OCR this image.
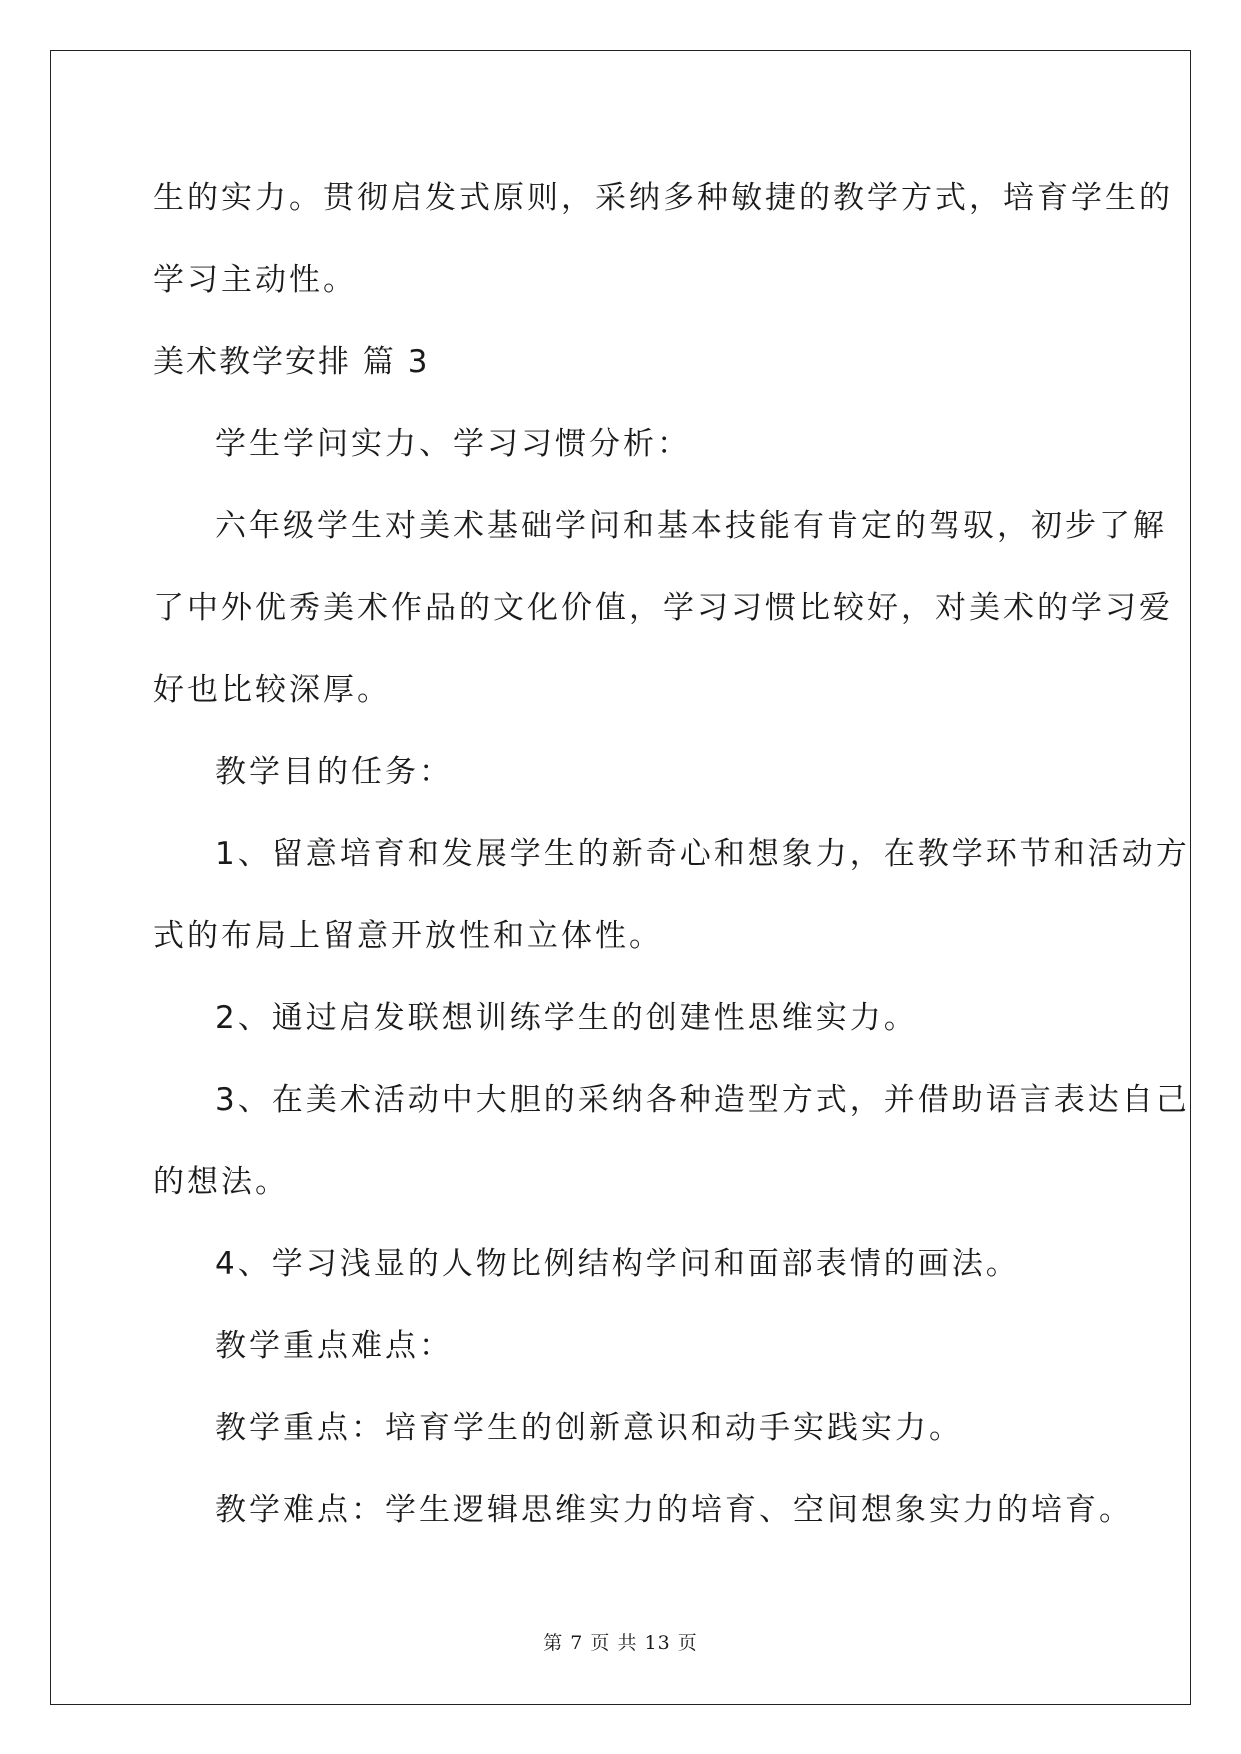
生的实力。贯彻启发式原则，采纳多种敏捷的教学方式，培育学生的
学习主动性。
美术教学安排 篇 3
学生学问实力、学习习惯分析：
六年级学生对美术基础学问和基本技能有肯定的驾驭，初步了解
了中外优秀美术作品的文化价值，学习习惯比较好，对美术的学习爱
好也比较深厚。
教学目的任务：
1、留意培育和发展学生的新奇心和想象力，在教学环节和活动方
式的布局上留意开放性和立体性。
2、通过启发联想训练学生的创建性思维实力。
3、在美术活动中大胆的采纳各种造型方式，并借助语言表达自己
的想法。
4、学习浅显的人物比例结构学问和面部表情的画法。
教学重点难点：
教学重点：培育学生的创新意识和动手实践实力。
教学难点：学生逻辑思维实力的培育、空间想象实力的培育。
第 7 页 共 13 页
